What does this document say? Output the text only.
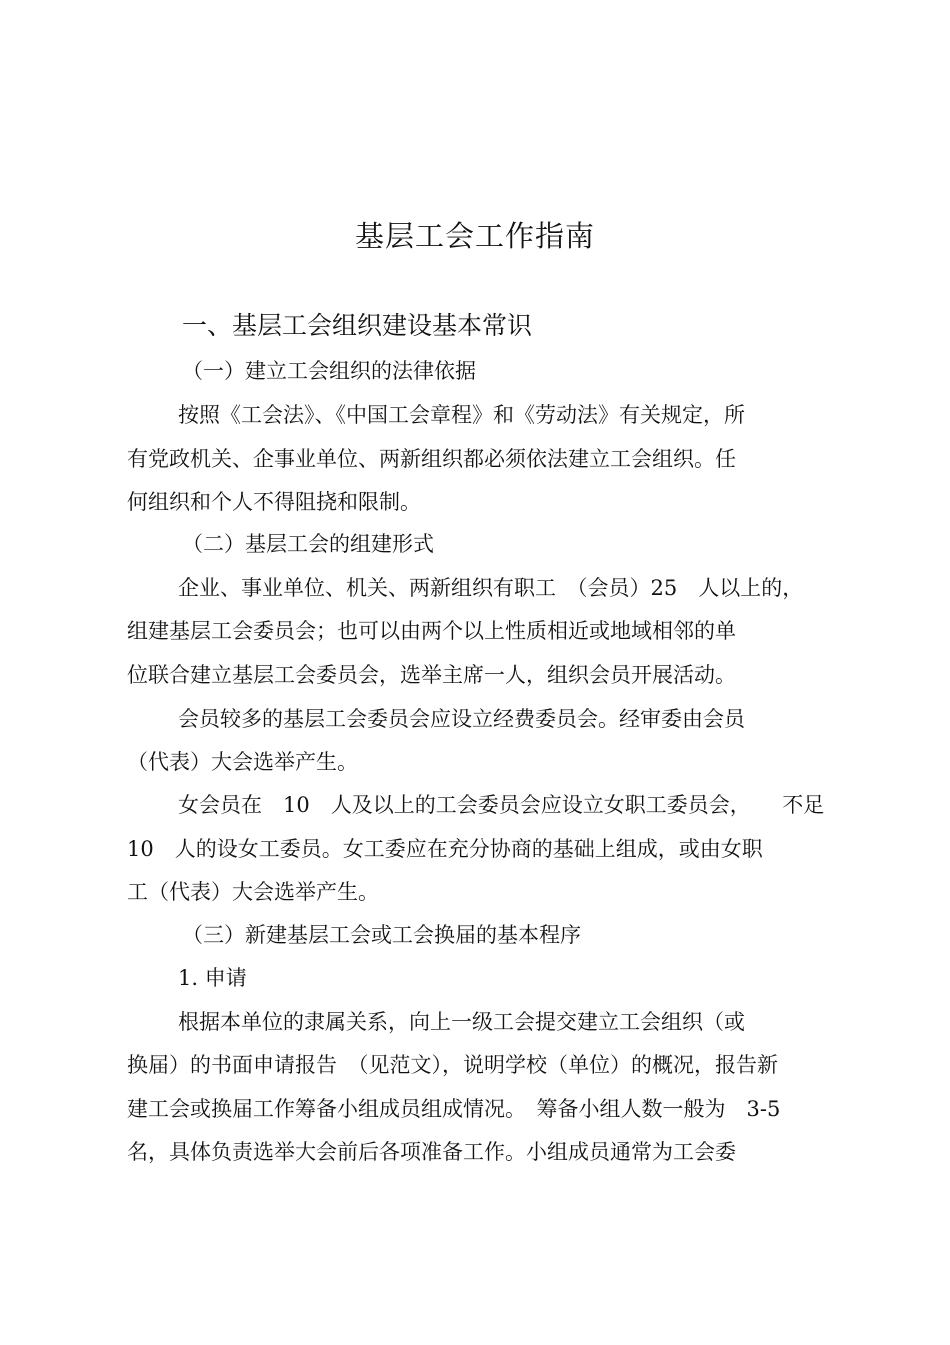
基层工会工作指南
一、基层工会组织建设基本常识
（一）建立工会组织的法律依据
按照《工会法》、《中国工会章程》和《劳动法》有关规定，所
有党政机关、企事业单位、两新组织都必须依法建立工会组织。任
何组织和个人不得阻挠和限制。
（二）基层工会的组建形式
企业、事业单位、机关、两新组织有职工　（会员）25　人以上的，
组建基层工会委员会；也可以由两个以上性质相近或地域相邻的单
位联合建立基层工会委员会，选举主席一人，组织会员开展活动。
会员较多的基层工会委员会应设立经费委员会。经审委由会员
（代表）大会选举产生。
女会员在　10　人及以上的工会委员会应设立女职工委员会，　　不足
10　人的设女工委员。女工委应在充分协商的基础上组成，或由女职
工（代表）大会选举产生。
（三）新建基层工会或工会换届的基本程序
1. 申请
根据本单位的隶属关系，向上一级工会提交建立工会组织（或
换届）的书面申请报告　（见范文），说明学校（单位）的概况，报告新
建工会或换届工作筹备小组成员组成情况。　筹备小组人数一般为　3-5
名，具体负责选举大会前后各项准备工作。小组成员通常为工会委
